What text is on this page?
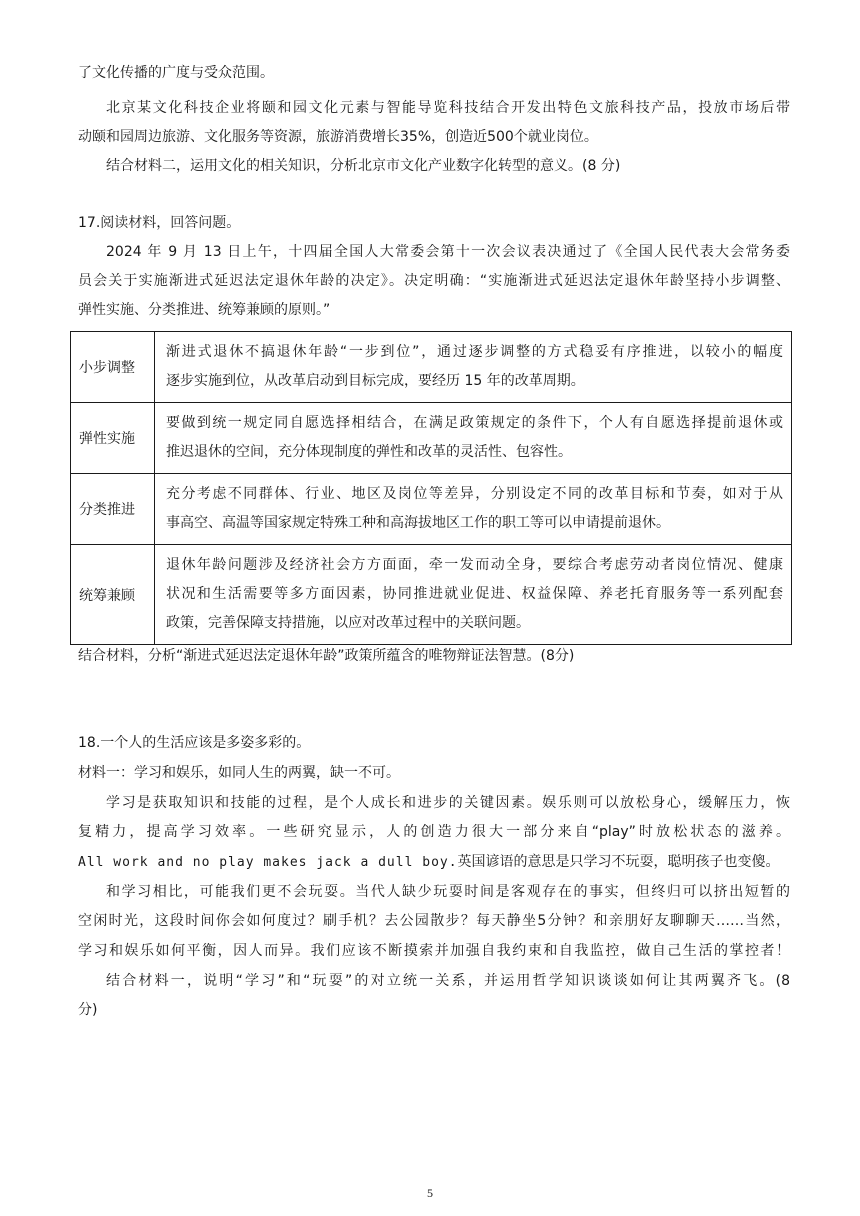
了文化传播的广度与受众范围。
北京某文化科技企业将颐和园文化元素与智能导览科技结合开发出特色文旅科技产品，投放市场后带
动颐和园周边旅游、文化服务等资源，旅游消费增长35%，创造近500个就业岗位。
结合材料二，运用文化的相关知识，分析北京市文化产业数字化转型的意义。(8 分)
17.阅读材料，回答问题。
2024 年 9 月 13 日上午，十四届全国人大常委会第十一次会议表决通过了《全国人民代表大会常务委
员会关于实施渐进式延迟法定退休年龄的决定》。决定明确：“实施渐进式延迟法定退休年龄坚持小步调整、
弹性实施、分类推进、统筹兼顾的原则。”
小步调整	渐进式退休不搞退休年龄“一步到位”，通过逐步调整的方式稳妥有序推进，以较小的幅度
逐步实施到位，从改革启动到目标完成，要经历 15 年的改革周期。

弹性实施	要做到统一规定同自愿选择相结合，在满足政策规定的条件下，个人有自愿选择提前退休或
推迟退休的空间，充分体现制度的弹性和改革的灵活性、包容性。

分类推进	充分考虑不同群体、行业、地区及岗位等差异，分别设定不同的改革目标和节奏，如对于从
事高空、高温等国家规定特殊工种和高海拔地区工作的职工等可以申请提前退休。

统筹兼顾	退休年龄问题涉及经济社会方方面面，牵一发而动全身，要综合考虑劳动者岗位情况、健康
状况和生活需要等多方面因素，协同推进就业促进、权益保障、养老托育服务等一系列配套
政策，完善保障支持措施，以应对改革过程中的关联问题。
结合材料，分析“渐进式延迟法定退休年龄”政策所蕴含的唯物辩证法智慧。(8分)
18.一个人的生活应该是多姿多彩的。
材料一：学习和娱乐，如同人生的两翼，缺一不可。
学习是获取知识和技能的过程，是个人成长和进步的关键因素。娱乐则可以放松身心，缓解压力，恢
复精力，提高学习效率。一些研究显示，人的创造力很大一部分来自“play”时放松状态的滋养。
All work and no play makes jack a dull boy.英国谚语的意思是只学习不玩耍，聪明孩子也变傻。
和学习相比，可能我们更不会玩耍。当代人缺少玩耍时间是客观存在的事实，但终归可以挤出短暂的
空闲时光，这段时间你会如何度过？刷手机？去公园散步？每天静坐5分钟？和亲朋好友聊聊天……当然，
学习和娱乐如何平衡，因人而异。我们应该不断摸索并加强自我约束和自我监控，做自己生活的掌控者！
结合材料一，说明“学习”和“玩耍”的对立统一关系，并运用哲学知识谈谈如何让其两翼齐飞。(8
分)
5
